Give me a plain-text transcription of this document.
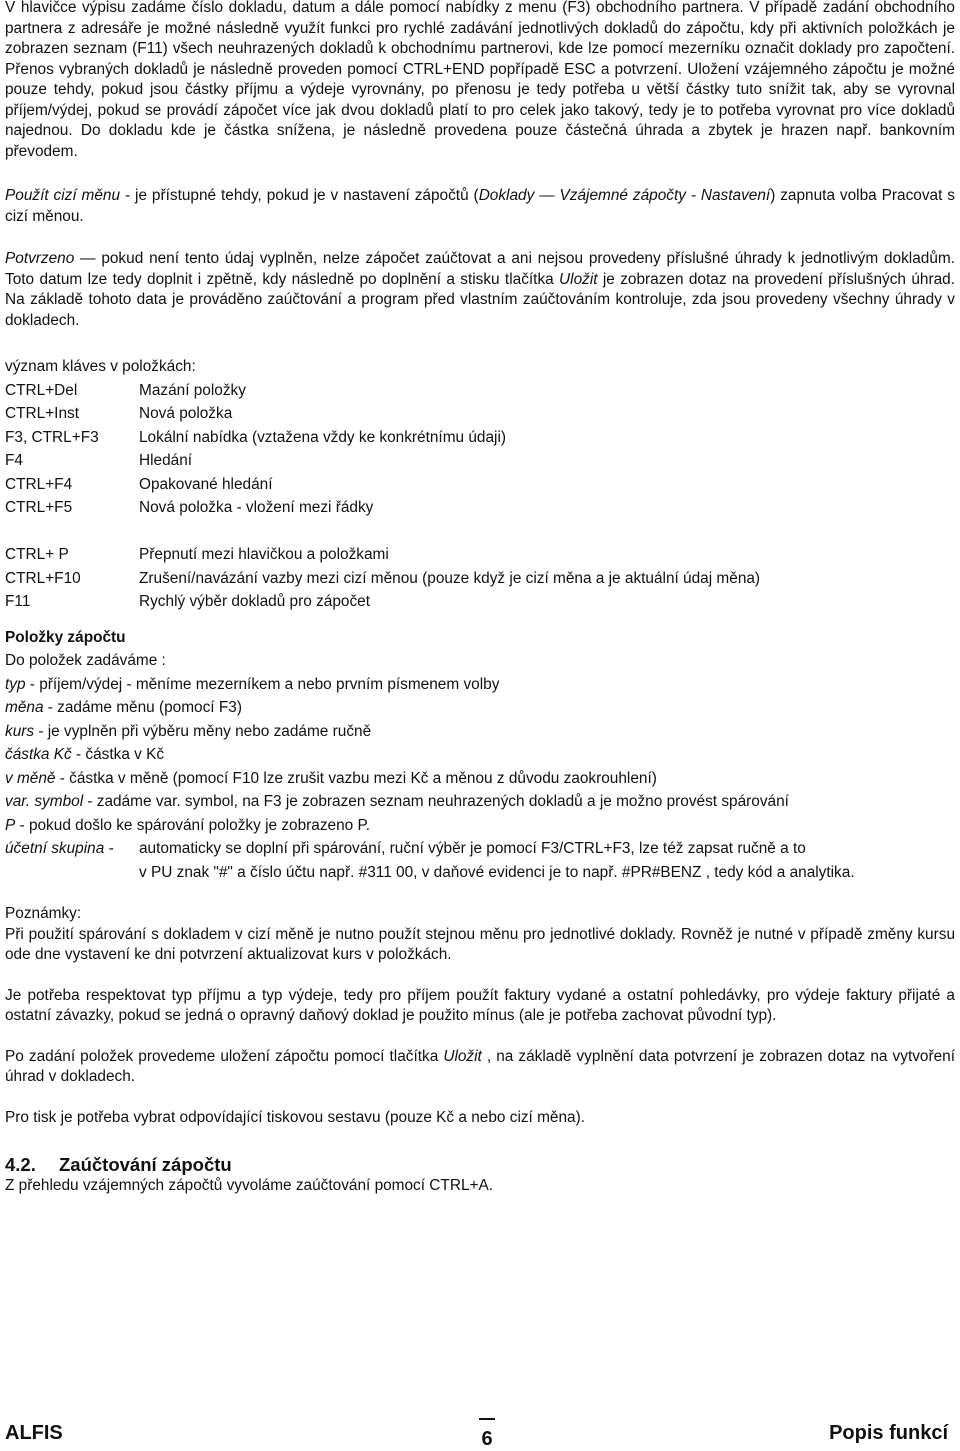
V hlavičce výpisu zadáme číslo dokladu, datum a dále pomocí nabídky z menu (F3) obchodního partnera. V případě zadání obchodního partnera z adresáře je možné následně využít funkci pro rychlé zadávání jednotlivých dokladů do zápočtu, kdy při aktivních položkách je zobrazen seznam (F11) všech neuhrazených dokladů k obchodnímu partnerovi, kde lze pomocí mezerníku označit doklady pro započtení. Přenos vybraných dokladů je následně proveden pomocí CTRL+END popřípadě ESC a potvrzení. Uložení vzájemného zápočtu je možné pouze tehdy, pokud jsou částky příjmu a výdeje vyrovnány, po přenosu je tedy potřeba u větší částky tuto snížit tak, aby se vyrovnal příjem/výdej, pokud se provádí zápočet více jak dvou dokladů platí to pro celek jako takový, tedy je to potřeba vyrovnat pro více dokladů najednou. Do dokladu kde je částka snížena, je následně provedena pouze částečná úhrada a zbytek je hrazen např. bankovním převodem.

Použít cizí měnu - je přístupné tehdy, pokud je v nastavení zápočtů (Doklady — Vzájemné zápočty - Nastavení) zapnuta volba Pracovat s cizí měnou.

Potvrzeno — pokud není tento údaj vyplněn, nelze zápočet zaúčtovat a ani nejsou provedeny příslušné úhrady k jednotlivým dokladům. Toto datum lze tedy doplnit i zpětně, kdy následně po doplnění a stisku tlačítka Uložit je zobrazen dotaz na provedení příslušných úhrad. Na základě tohoto data je prováděno zaúčtování a program před vlastním zaúčtováním kontroluje, zda jsou provedeny všechny úhrady v dokladech.

význam kláves v položkách:
CTRL+Del	Mazání položky
CTRL+Inst	Nová položka
F3, CTRL+F3	Lokální nabídka (vztažena vždy ke konkrétnímu údaji)
F4	Hledání
CTRL+F4	Opakované hledání
CTRL+F5	Nová položka - vložení mezi řádky
CTRL+ P	Přepnutí mezi hlavičkou a položkami
CTRL+F10	Zrušení/navázání vazby mezi cizí měnou (pouze když je cizí měna a je aktuální údaj měna)
F11	Rychlý výběr dokladů pro zápočet
Položky zápočtu
Do položek zadáváme :
typ - příjem/výdej - měníme mezerníkem a nebo prvním písmenem volby
měna - zadáme měnu (pomocí F3)
kurs - je vyplněn při výběru měny nebo zadáme ručně
částka Kč - částka v Kč
v měně - částka v měně (pomocí F10 lze zrušit vazbu mezi Kč a měnou z důvodu zaokrouhlení)
var. symbol - zadáme var. symbol, na F3 je zobrazen seznam neuhrazených dokladů a je možno provést spárování
P - pokud došlo ke spárování položky je zobrazeno P.
účetní skupina -	automaticky se doplní při spárování, ruční výběr je pomocí F3/CTRL+F3, lze též zapsat ručně a to
v PU znak "#" a číslo účtu např. #311 00, v daňové evidenci je to např. #PR#BENZ , tedy kód a analytika.

Poznámky:

Při použití spárování s dokladem v cizí měně je nutno použít stejnou měnu pro jednotlivé doklady. Rovněž je nutné v případě změny kursu ode dne vystavení ke dni potvrzení aktualizovat kurs v položkách.

Je potřeba respektovat typ příjmu a typ výdeje, tedy pro příjem použít faktury vydané a ostatní pohledávky, pro výdeje faktury přijaté a ostatní závazky, pokud se jedná o opravný daňový doklad je použito mínus (ale je potřeba zachovat původní typ).

Po zadání položek provedeme uložení zápočtu pomocí tlačítka Uložit , na základě vyplnění data potvrzení je zobrazen dotaz na vytvoření úhrad v dokladech.

Pro tisk je potřeba vybrat odpovídající tiskovou sestavu (pouze Kč a nebo cizí měna).

4.2. Zaúčtování zápočtu

Z přehledu vzájemných zápočtů vyvoláme zaúčtování pomocí CTRL+A.

ALFIS	6	Popis funkcí
